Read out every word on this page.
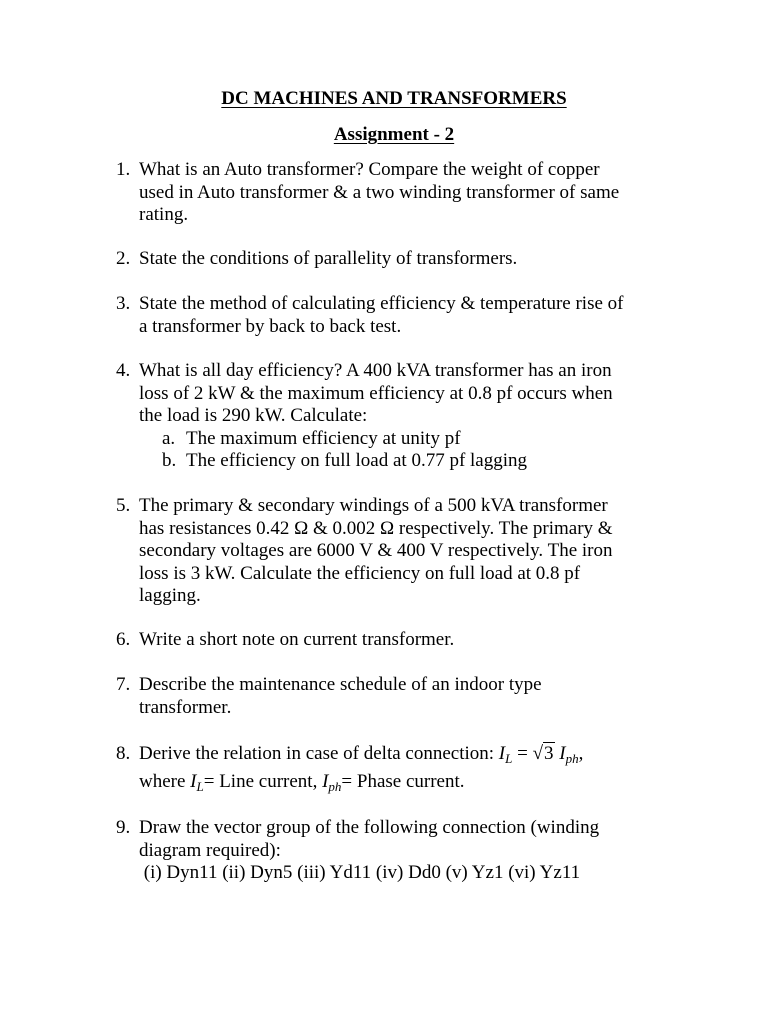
DC MACHINES AND TRANSFORMERS
Assignment - 2
1. What is an Auto transformer? Compare the weight of copper
used in Auto transformer & a two winding transformer of same
rating.
2. State the conditions of parallelity of transformers.
3. State the method of calculating efficiency & temperature rise of
a transformer by back to back test.
4. What is all day efficiency? A 400 kVA transformer has an iron
loss of 2 kW & the maximum efficiency at 0.8 pf occurs when
the load is 290 kW. Calculate:
a. The maximum efficiency at unity pf
b. The efficiency on full load at 0.77 pf lagging
5. The primary & secondary windings of a 500 kVA transformer
has resistances 0.42 Ω & 0.002 Ω respectively. The primary &
secondary voltages are 6000 V & 400 V respectively. The iron
loss is 3 kW. Calculate the efficiency on full load at 0.8 pf
lagging.
6. Write a short note on current transformer.
7. Describe the maintenance schedule of an indoor type
transformer.
8. Derive the relation in case of delta connection: $I_L = √3$ $I_{ph}$,
where $I_L=$ Line current, $I_{ph}=$ Phase current.
9. Draw the vector group of the following connection (winding
diagram required):
(i) Dyn11 (ii) Dyn5 (iii) Yd11 (iv) Dd0 (v) Yz1 (vi) Yz11
